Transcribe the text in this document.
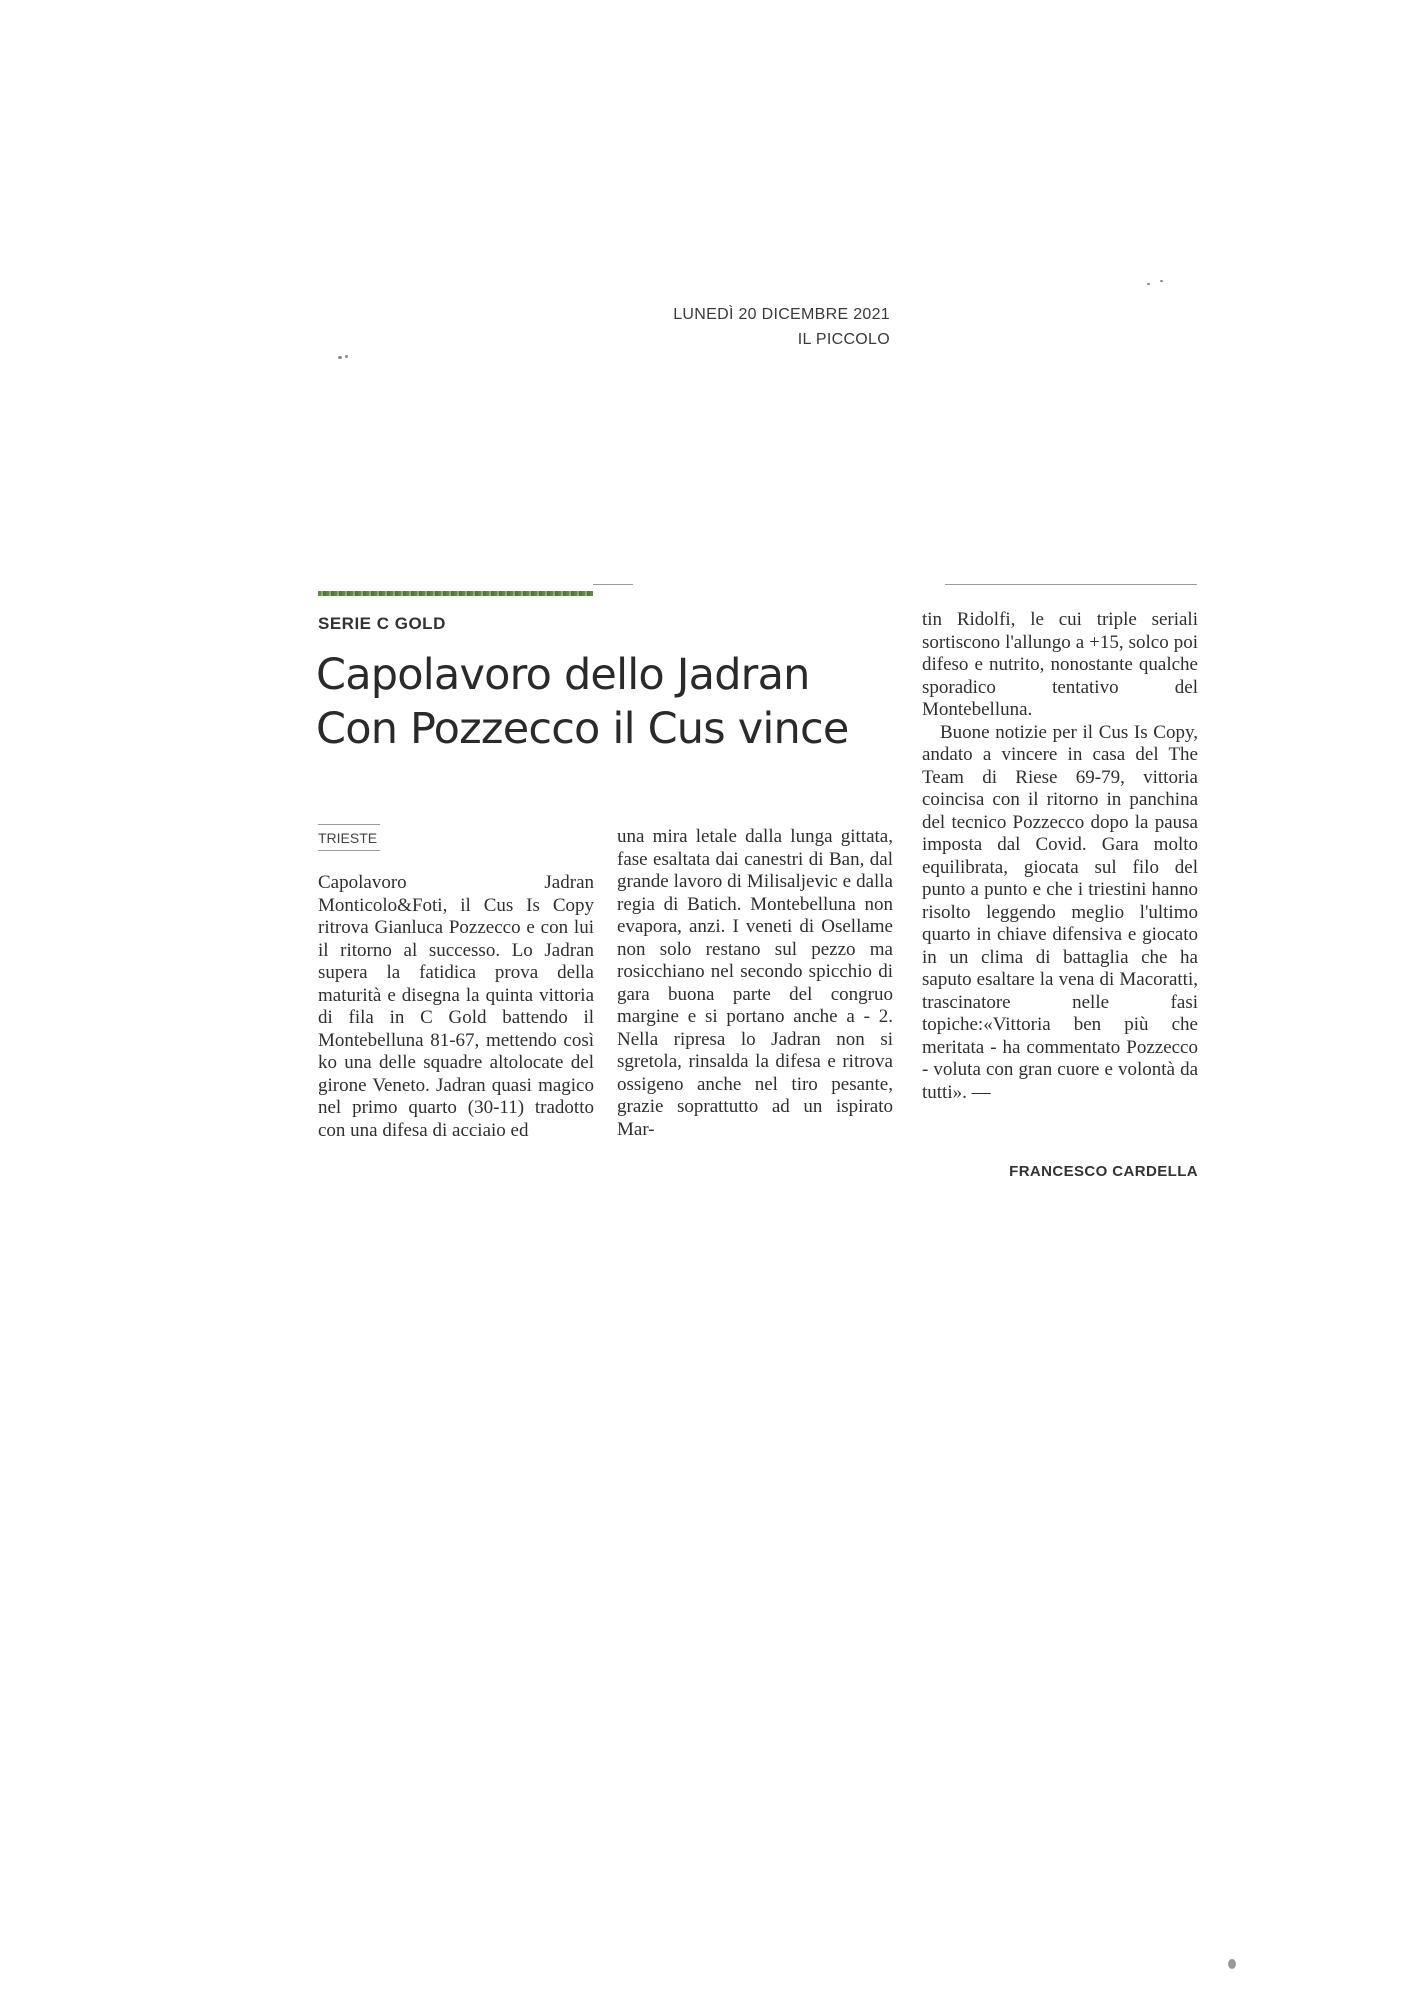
LUNEDÌ 20 DICEMBRE 2021
IL PICCOLO
SERIE C GOLD
Capolavoro dello Jadran
Con Pozzecco il Cus vince
TRIESTE

Capolavoro Jadran Monticolo&Foti, il Cus Is Copy ritrova Gianluca Pozzecco e con lui il ritorno al successo. Lo Jadran supera la fatidica prova della maturità e disegna la quinta vittoria di fila in C Gold battendo il Montebelluna 81-67, mettendo così ko una delle squadre altolocate del girone Veneto. Jadran quasi magico nel primo quarto (30-11) tradotto con una difesa di acciaio ed

una mira letale dalla lunga gittata, fase esaltata dai canestri di Ban, dal grande lavoro di Milisaljevic e dalla regia di Batich. Montebelluna non evapora, anzi. I veneti di Osellame non solo restano sul pezzo ma rosicchiano nel secondo spicchio di gara buona parte del congruo margine e si portano anche a - 2. Nella ripresa lo Jadran non si sgretola, rinsalda la difesa e ritrova ossigeno anche nel tiro pesante, grazie soprattutto ad un ispirato Mar-

tin Ridolfi, le cui triple seriali sortiscono l'allungo a +15, solco poi difeso e nutrito, nonostante qualche sporadico tentativo del Montebelluna.

Buone notizie per il Cus Is Copy, andato a vincere in casa del The Team di Riese 69-79, vittoria coincisa con il ritorno in panchina del tecnico Pozzecco dopo la pausa imposta dal Covid. Gara molto equilibrata, giocata sul filo del punto a punto e che i triestini hanno risolto leggendo meglio l'ultimo quarto in chiave difensiva e giocato in un clima di battaglia che ha saputo esaltare la vena di Macoratti, trascinatore nelle fasi topiche:«Vittoria ben più che meritata - ha commentato Pozzecco - voluta con gran cuore e volontà da tutti». —

FRANCESCO CARDELLA
